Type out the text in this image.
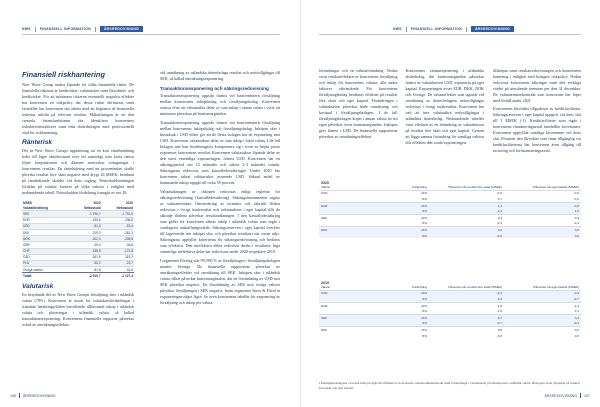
NWS	FINANSIELL INFORMATION	ÅRSREDOVISNING
Finansiell riskhantering

New Wave Group utsätts löpande för olika finansiella risker. De finansiella riskerna är kreditrisker, valutarisker samt likviditets- och kreditrisker. För att minimera riskerna eventuellt negativa effekter har koncernen en riskpolicy där dessa risker definieras samt fastställer hur koncernen ska arbeta med att begränsa de finansiella riskerna utifrån på relevant resultat. Målsättningen är att den centrala finansfunktionen ska identifiera koncernens riskaktivitetsfaktorer samt leda dotterbolagen med professionellt stöd för riskhantering.

Ränterisk

Det är New Wave Groups uppfattning att en kort räntebindning leder till lägre räntekostnad över tid samtidigt som korta räntor följer konjunkturen och därmed motverkar svängningar i koncernens resultat. En räntehöjning med en procentenhet skulle påverka resultat före skatt negativt med drygt 26 MSEK, beräknat på räntebärande skulder vid årets utgång. Nettoskuldsättningen fördelas på valutor, baserat på olika valutor i enlighet med nedanstående tabell. Nettoskulden fördelning framgår av not 29.

MSEK	2020	2019
Valutafördelning	Nettoskuld	Nettoskuld
SEK	-1 796,7	-1 791,9
EUR	-235,5	-236,8
USD	-61,0	-53,4
DKK	-219,3	-261,3
NOK	-202,0	-228,8
GBP	-35,4	-36,8
CHF	-155,9	-172,8
CAD	-161,9	-119,2
PLN	-30,2	-23,7
Övriga valutor	-51,8	-31,8
Totalt	-2 919,7	-2 127,4
Valutarisk

En betydande del av New Wave Groups försäljning sker i utländsk valuta (79%). Koncernen är utsatt för valutakursförändringar i framtida betalningsflöden beträffande tillhörande inköp i utländsk valuta och placeringar i utländsk valuta, så kallad transaktionsexponering. Koncernens finansiella rapporter påverkas också av omräkningseffekter

vid omräkning av utländska dotterbolags resultat och nettotillgångar till SEK, så kallad omräkningsexponering.

Transaktionsexponering och säkringsredovisning

Transaktionsexponering uppstår främst vid koncernintern försäljning mellan koncernens inköpsbolag och försäljningsbolag. Koncernen strävar efter att valutasäkra delar av sina inköp i annan valuta i syfte att minimera påverkan på bruttomarginalen.

Transaktionsexponering uppstår främst vid koncernintern försäljning mellan koncernens inköpsbolag och försäljningsbolag. Inköpen sker i huvudsak i USD vilket gör att de flesta bolagen har en exponering mot USD. Koncernen valutasäkrar delar av sina inköp i lokal valuta. I de fall bolagen inte kan fördelningsvis kompensera sig i form av höjda priser exponeras koncernens resultat. Koncernen valutasäkrar löpande delar av den mest väsentliga exponeringen, främst USD. Koncernen har en säkringsperiod om 12 månader och säkrar 2-3 månader framåt. Säkringarna redovisas som kassaflödessäkringar. Under 2020 har koncernen säkrat valutarisker avseende USD. Säkrad andel av kommande inköp uppgår till cirka 50 procent.

Valutasäkringen av inköpen redovisas enligt reglerna för säkringsredovisning (kassaflödessäkring). Säkringsinstrumentet utgörs av valutaterminer. Omvärdering av terminer och säkrade flöden redovisas i övrigt totalresultat och ackumuleras i eget kapital tills de säkrade flödena påverkar resultaträkningen. I den kassaflödessäkring som gäller för koncernen säkras inköp i utländsk valuta som ingår i varulagrets anskaffningsvärde. Säkringsreserven i eget kapital överförs till lagervärdet när inköpet sker och påverkar resultatet när varan säljs. Säkringarna uppfyller kriterierna för säkringsredovisning och bedöms som effektiva. Den ineffektiva delen redovisas direkt i resultatet. Inga väsentliga ineffektiva delar har redovisats under 2020 respektive 2019.

I segmentet Företag står 99 (99) % av försäljningen i försäljningsbolagen utanför Sverige. De finansiella rapporterna påverkas av omräkningseffekter vid omräkning till SEK. Inköpen sker i utländsk valuta vilket påverkar bruttomarginalen, där en förstärkning av USD mot SEK påverkar negativt. En förstärkning av SEK mot övriga valutor påverkar försäljningen i SEK negativt. Inom segmentet Sport & Fritid är exponeringen något lägre. Se även koncernens tabeller för exponering av försäljning och inköp per valuta.

106 ÅRSREDOVISNING
NWS	FINANSIELL INFORMATION	ÅRSREDOVISNING

förändringar och en valutaförändring. Nedan visas resultateffekten av koncernens försäljning och inköp för koncernens valutor, alla andra faktorer oförändrade. För koncernens försäljningsbolag beräknas effekten på resultat före skatt och eget kapital. Förändringen i valutakursen påverkar både omsättning och kostnad i försäljningsbolagen. I de fall försäljningsbolagen köper i annan valuta än sin egen påverkas även bruttomarginalen. Inköpen görs främst i USD. De finansiella rapporterna påverkas av omräkningseffekter.

Koncernens valutaexponering i utländska dotterbolag, där bruttomarginalen påverkas främst av valutakursen USD, exponeras på eget kapital. Exponeringen avser EUR, DKK, NOK och Sverige. De valutaeffekter som uppstår vid omräkning av dotterbolagens nettotillgångar redovisas i övrigt totalresultat. Koncernen har valt att inte valutasäkra nettotillgångar i utländska dotterbolag. Nedanstående tabeller visar effekten av en förändring av valutakursen på resultat före skatt och eget kapital. Genom att lägga samma förändring för samtliga valutor blir effekten den totala exponeringen.

tillämpas samt resultatredovisningen och koncernens hantering i enlighet med bolagets riskpolicy. Nedan redovisas koncernens säkringar samt den verkliga värdet på utestående terminer per den 31 december. De valutaterminskontrakt som koncernen har löper med förfall under 2021.

Koncernens likviditet tillgodoses av kreditfaciliteter. Säkringsreserven i eget kapital uppgick vid årets slut till 1 MSEK (-1). Kreditfaciliteter som ingår i koncernens finansieringsavtal innehåller kovenanter. Koncernen uppfyllde samtliga kovenanter vid årets slut. Förutom den likviditet som finns tillgänglig via kreditfaciliteterna har koncernen även tillgång till factoring och förfinansieringsavtal.

2020
Valuta	Förändring	Påverkan på resultat före skatt (MSEK)	Påverkan på eget kapital (MSEK)
USD	+5%	-0,6	-0,6
	-5%	0,7	-0,2
EUR	+5%	1,3	-0,8
	-5%	-1,3	1,5
SEK	+5%	0,4	0,4
	-5%	-0,4	-0,4
DKK	+5%	0,0	0,0
	-5%	-0,0	0,0
2019
Valuta	Förändring	Påverkan på resultat före skatt (MSEK)	Påverkan på eget kapital (MSEK)
USD	+5%	-0,3	-0,9
	-5%	0,3	-0,7
EUR	+5%	1,8	-1,3
	-5%	-1,8	1,3
SEK	+5%	0,7	0,4
	-5%	-0,7	-0,4
DKK	+5%	0,8	0,0
	-5%	-0,8	0,0

I känslighetsanalysen ovan har hänsyn tagits till effekten av koncernens valutaterminskontrakt samt förändringar i valutakurser på balansposter i utländsk valuta. Beloppen avser påverkan på resultat före skatt och eget kapital.

ÅRSREDOVISNING 107
